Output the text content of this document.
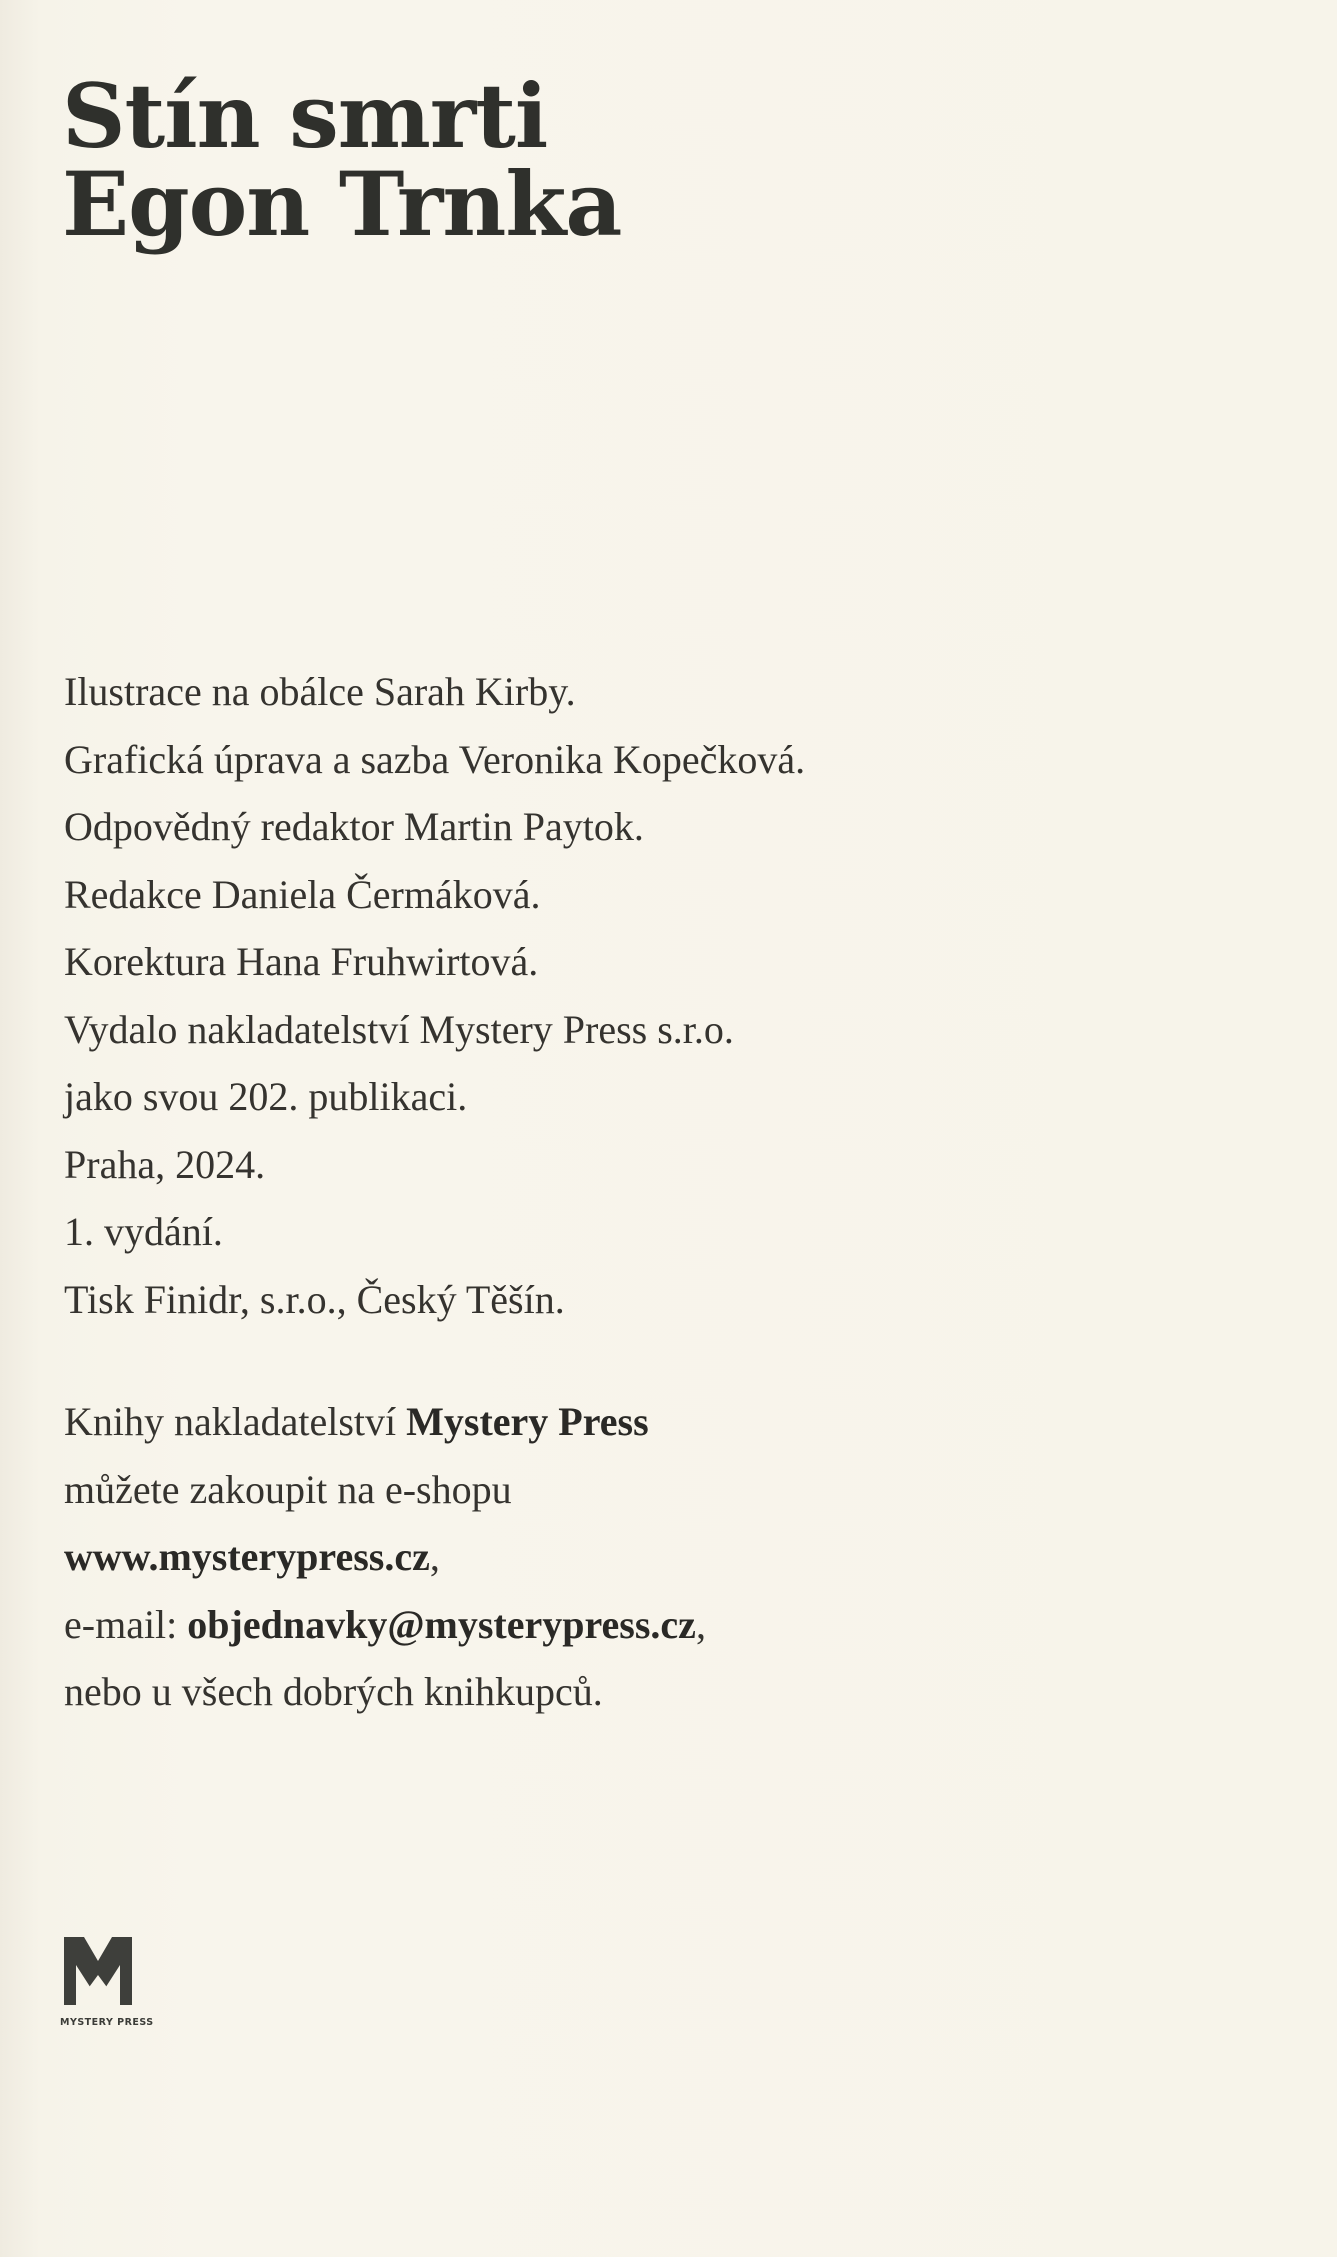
Stín smrti
Egon Trnka
Ilustrace na obálce Sarah Kirby.
Grafická úprava a sazba Veronika Kopečková.
Odpovědný redaktor Martin Paytok.
Redakce Daniela Čermáková.
Korektura Hana Fruhwirtová.
Vydalo nakladatelství Mystery Press s.r.o.
jako svou 202. publikaci.
Praha, 2024.
1. vydání.
Tisk Finidr, s.r.o., Český Těšín.
Knihy nakladatelství Mystery Press
můžete zakoupit na e-shopu
www.mysterypress.cz,
e-mail: objednavky@mysterypress.cz,
nebo u všech dobrých knihkupců.
MYSTERY PRESS
